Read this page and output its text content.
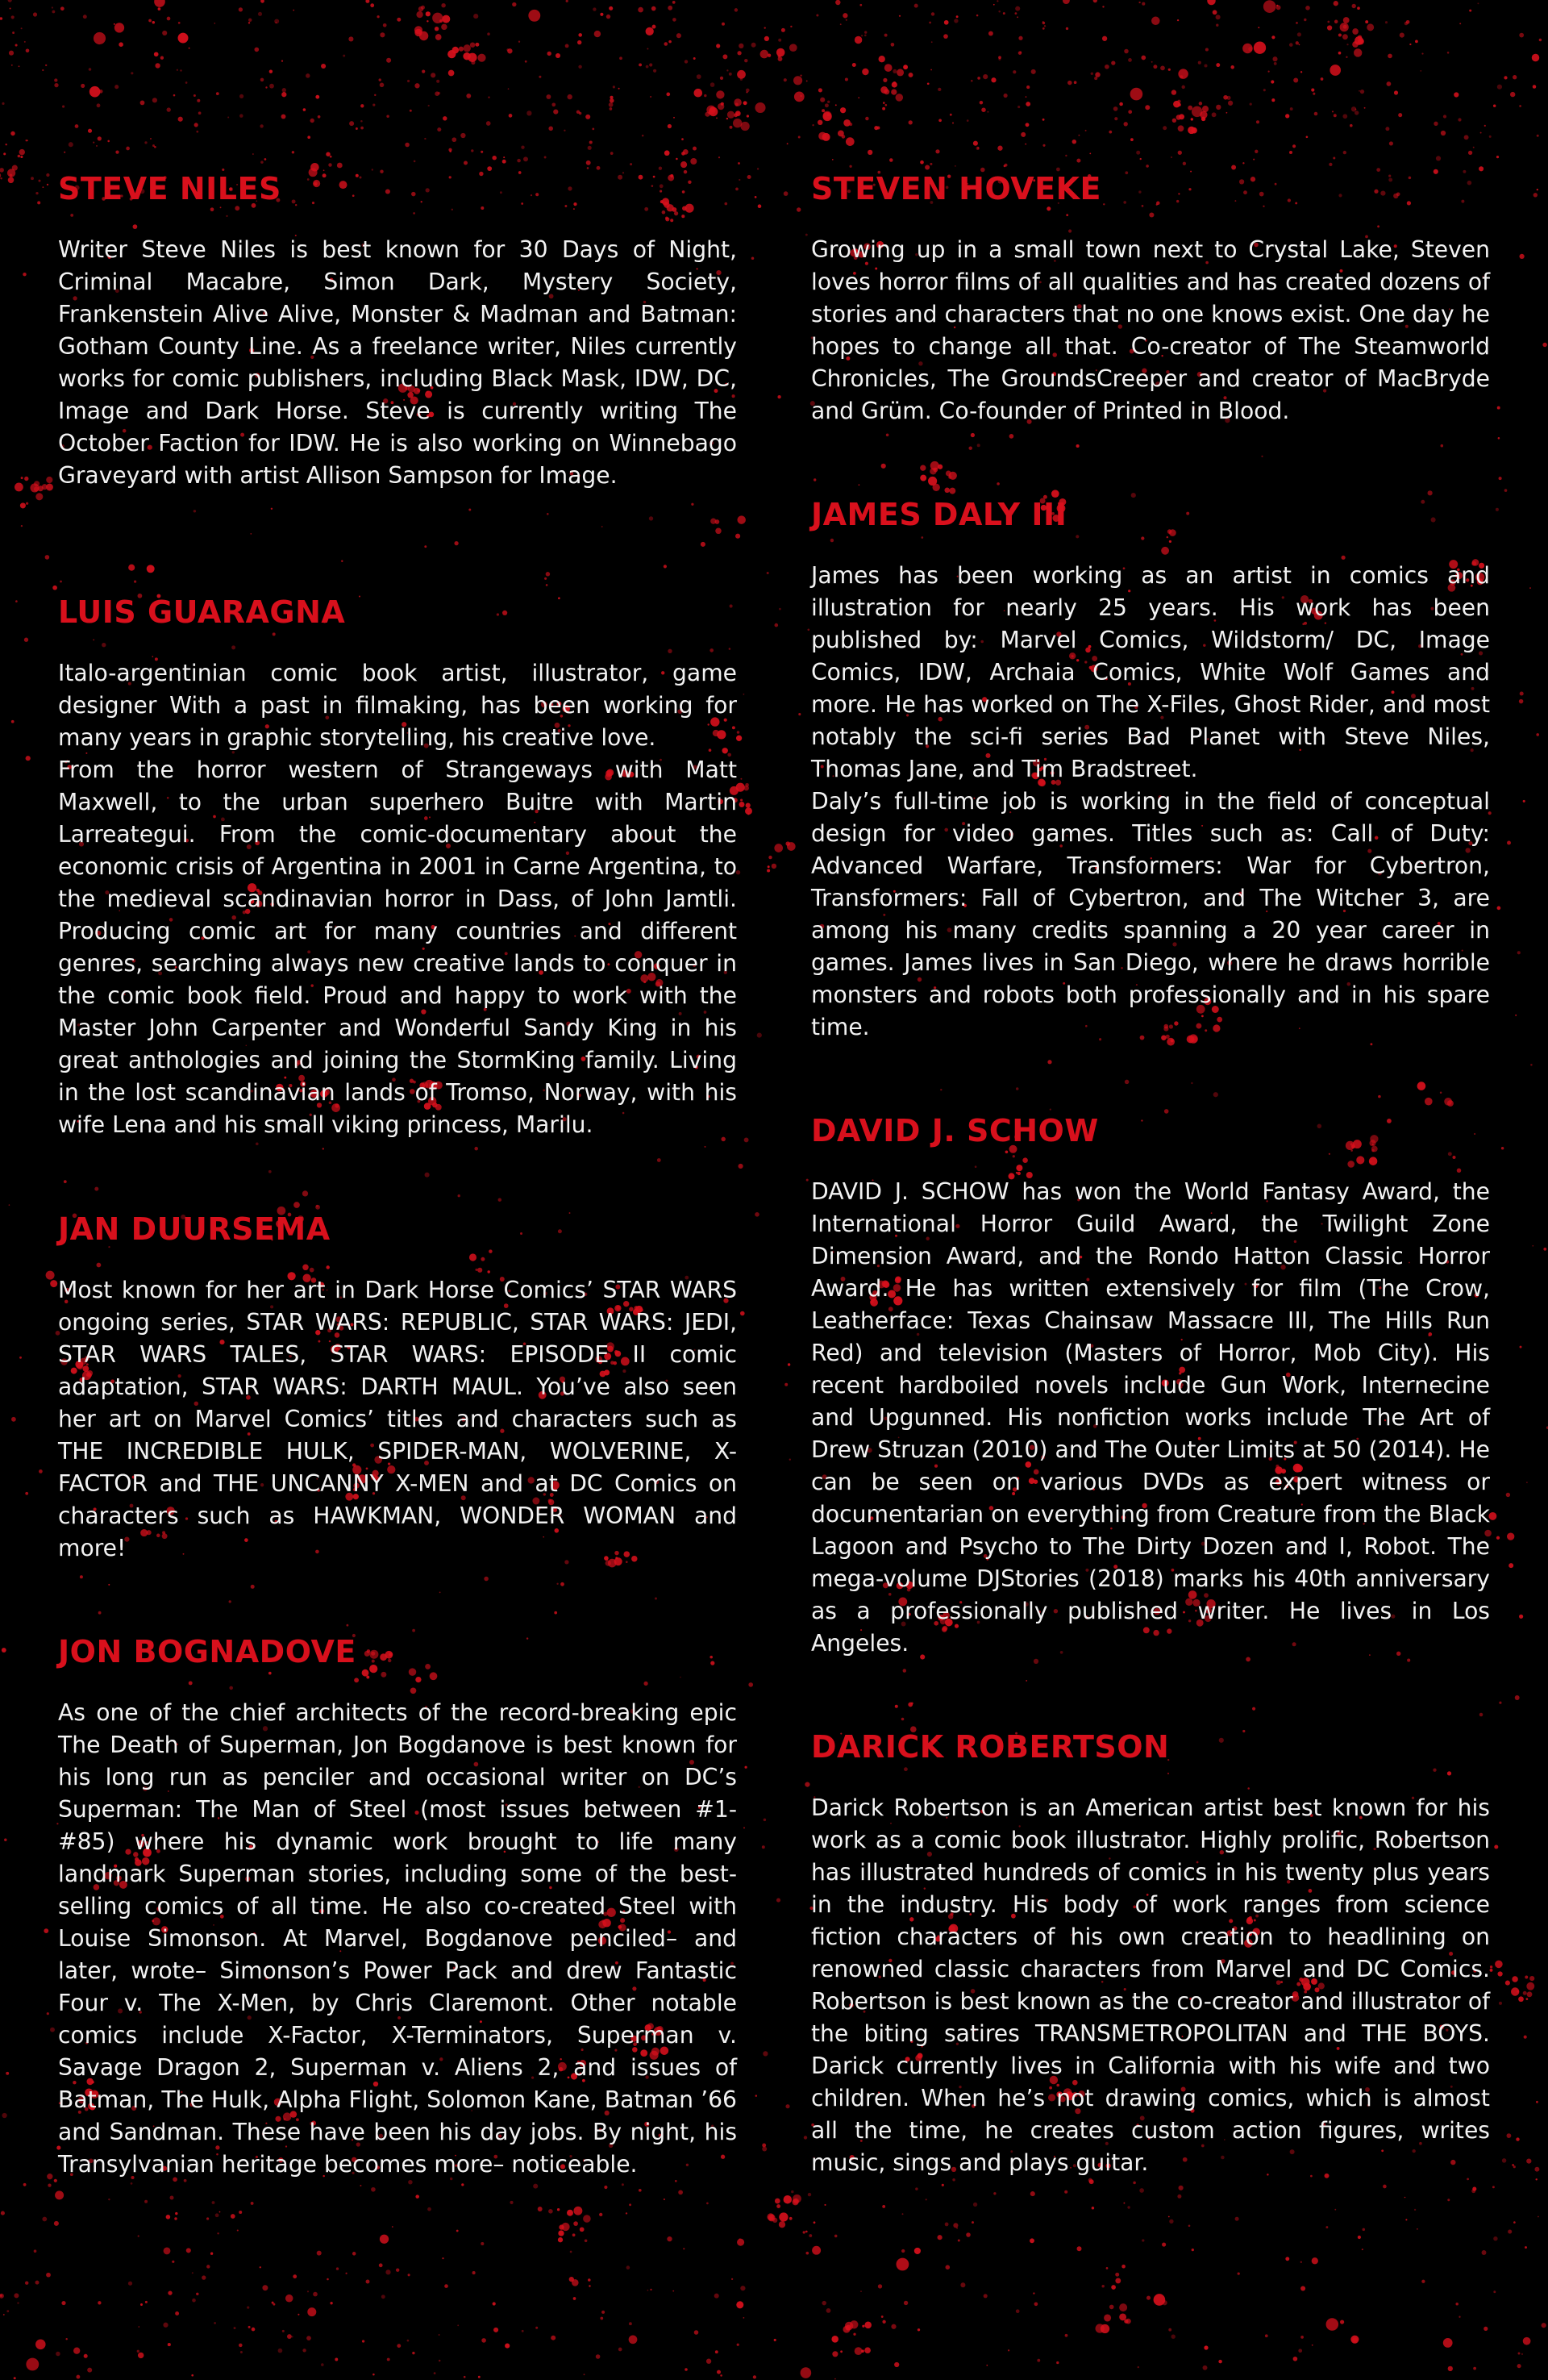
STEVE NILES

Writer Steve Niles is best known for 30 Days of Night, Criminal Macabre, Simon Dark, Mystery Society, Frankenstein Alive Alive, Monster & Madman and Batman: Gotham County Line. As a freelance writer, Niles currently works for comic publishers, including Black Mask, IDW, DC, Image and Dark Horse. Steve is currently writing The October Faction for IDW. He is also working on Winnebago Graveyard with artist Allison Sampson for Image.

LUIS GUARAGNA

Italo-argentinian comic book artist, illustrator, game designer With a past in filmaking, has been working for many years in graphic storytelling, his creative love.
From the horror western of Strangeways with Matt Maxwell, to the urban superhero Buitre with Martin Larreategui. From the comic-documentary about the economic crisis of Argentina in 2001 in Carne Argentina, to the medieval scandinavian horror in Dass, of John Jamtli. Producing comic art for many countries and different genres, searching always new creative lands to conquer in the comic book field. Proud and happy to work with the Master John Carpenter and Wonderful Sandy King in his great anthologies and joining the StormKing family. Living in the lost scandinavian lands of Tromso, Norway, with his wife Lena and his small viking princess, Marilu.

JAN DUURSEMA

Most known for her art in Dark Horse Comics’ STAR WARS ongoing series, STAR WARS: REPUBLIC, STAR WARS: JEDI, STAR WARS TALES, STAR WARS: EPISODE II comic adaptation, STAR WARS: DARTH MAUL. You’ve also seen her art on Marvel Comics’ titles and characters such as THE INCREDIBLE HULK, SPIDER-MAN, WOLVERINE, X-FACTOR and THE UNCANNY X-MEN and at DC Comics on characters such as HAWKMAN, WONDER WOMAN and more!

JON BOGNADOVE

As one of the chief architects of the record-breaking epic The Death of Superman, Jon Bogdanove is best known for his long run as penciler and occasional writer on DC’s Superman: The Man of Steel (most issues between #1-#85) where his dynamic work brought to life many landmark Superman stories, including some of the best-selling comics of all time. He also co-created Steel with Louise Simonson. At Marvel, Bogdanove penciled– and later, wrote– Simonson’s Power Pack and drew Fantastic Four v. The X-Men, by Chris Claremont. Other notable comics include X-Factor, X-Terminators, Superman v. Savage Dragon 2, Superman v. Aliens 2, and issues of Batman, The Hulk, Alpha Flight, Solomon Kane, Batman ’66 and Sandman. These have been his day jobs. By night, his Transylvanian heritage becomes more– noticeable.

STEVEN HOVEKE

Growing up in a small town next to Crystal Lake, Steven loves horror films of all qualities and has created dozens of stories and characters that no one knows exist. One day he hopes to change all that. Co-creator of The Steamworld Chronicles, The GroundsCreeper and creator of MacBryde and Grüm. Co-founder of Printed in Blood.

JAMES DALY III

James has been working as an artist in comics and illustration for nearly 25 years. His work has been published by: Marvel Comics, Wildstorm/ DC, Image Comics, IDW, Archaia Comics, White Wolf Games and more. He has worked on The X-Files, Ghost Rider, and most notably the sci-fi series Bad Planet with Steve Niles, Thomas Jane, and Tim Bradstreet.
Daly’s full-time job is working in the field of conceptual design for video games. Titles such as: Call of Duty: Advanced Warfare, Transformers: War for Cybertron, Transformers: Fall of Cybertron, and The Witcher 3, are among his many credits spanning a 20 year career in games. James lives in San Diego, where he draws horrible monsters and robots both professionally and in his spare time.

DAVID J. SCHOW

DAVID J. SCHOW has won the World Fantasy Award, the International Horror Guild Award, the Twilight Zone Dimension Award, and the Rondo Hatton Classic Horror Award. He has written extensively for film (The Crow, Leatherface: Texas Chainsaw Massacre III, The Hills Run Red) and television (Masters of Horror, Mob City). His recent hardboiled novels include Gun Work, Internecine and Upgunned. His nonfiction works include The Art of Drew Struzan (2010) and The Outer Limits at 50 (2014). He can be seen on various DVDs as expert witness or documentarian on everything from Creature from the Black Lagoon and Psycho to The Dirty Dozen and I, Robot. The mega-volume DJStories (2018) marks his 40th anniversary as a professionally published writer. He lives in Los Angeles.

DARICK ROBERTSON

Darick Robertson is an American artist best known for his work as a comic book illustrator. Highly prolific, Robertson has illustrated hundreds of comics in his twenty plus years in the industry. His body of work ranges from science fiction characters of his own creation to headlining on renowned classic characters from Marvel and DC Comics. Robertson is best known as the co-creator and illustrator of the biting satires TRANSMETROPOLITAN and THE BOYS. Darick currently lives in California with his wife and two children. When he’s not drawing comics, which is almost all the time, he creates custom action figures, writes music, sings and plays guitar.
